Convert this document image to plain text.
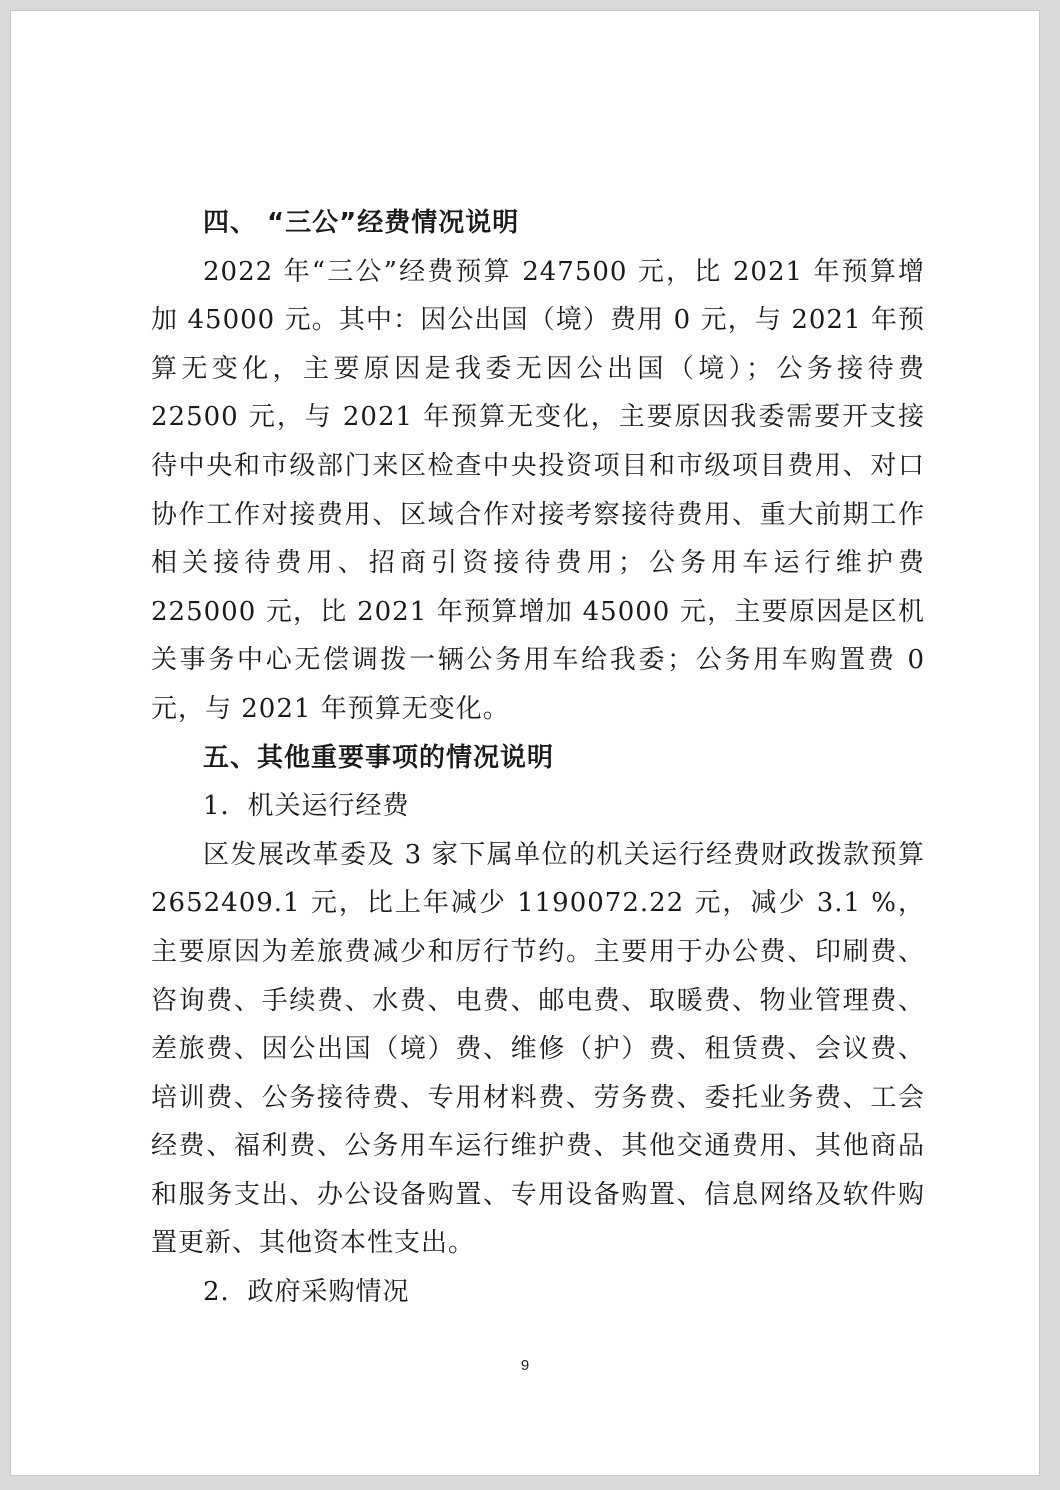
四、 “三公”经费情况说明

2022 年“三公”经费预算 247500 元，比 2021 年预算增加 45000 元。其中：因公出国（境）费用 0 元，与 2021 年预算无变化，主要原因是我委无因公出国（境）；公务接待费 22500 元，与 2021 年预算无变化，主要原因我委需要开支接待中央和市级部门来区检查中央投资项目和市级项目费用、对口协作工作对接费用、区域合作对接考察接待费用、重大前期工作相关接待费用、招商引资接待费用；公务用车运行维护费 225000 元，比 2021 年预算增加 45000 元，主要原因是区机关事务中心无偿调拨一辆公务用车给我委；公务用车购置费 0 元，与 2021 年预算无变化。

五、其他重要事项的情况说明

1．机关运行经费

区发展改革委及 3 家下属单位的机关运行经费财政拨款预算 2652409.1 元，比上年减少 1190072.22 元，减少 3.1 %，主要原因为差旅费减少和厉行节约。主要用于办公费、印刷费、咨询费、手续费、水费、电费、邮电费、取暖费、物业管理费、差旅费、因公出国（境）费、维修（护）费、租赁费、会议费、培训费、公务接待费、专用材料费、劳务费、委托业务费、工会经费、福利费、公务用车运行维护费、其他交通费用、其他商品和服务支出、办公设备购置、专用设备购置、信息网络及软件购置更新、其他资本性支出。

2．政府采购情况

9
